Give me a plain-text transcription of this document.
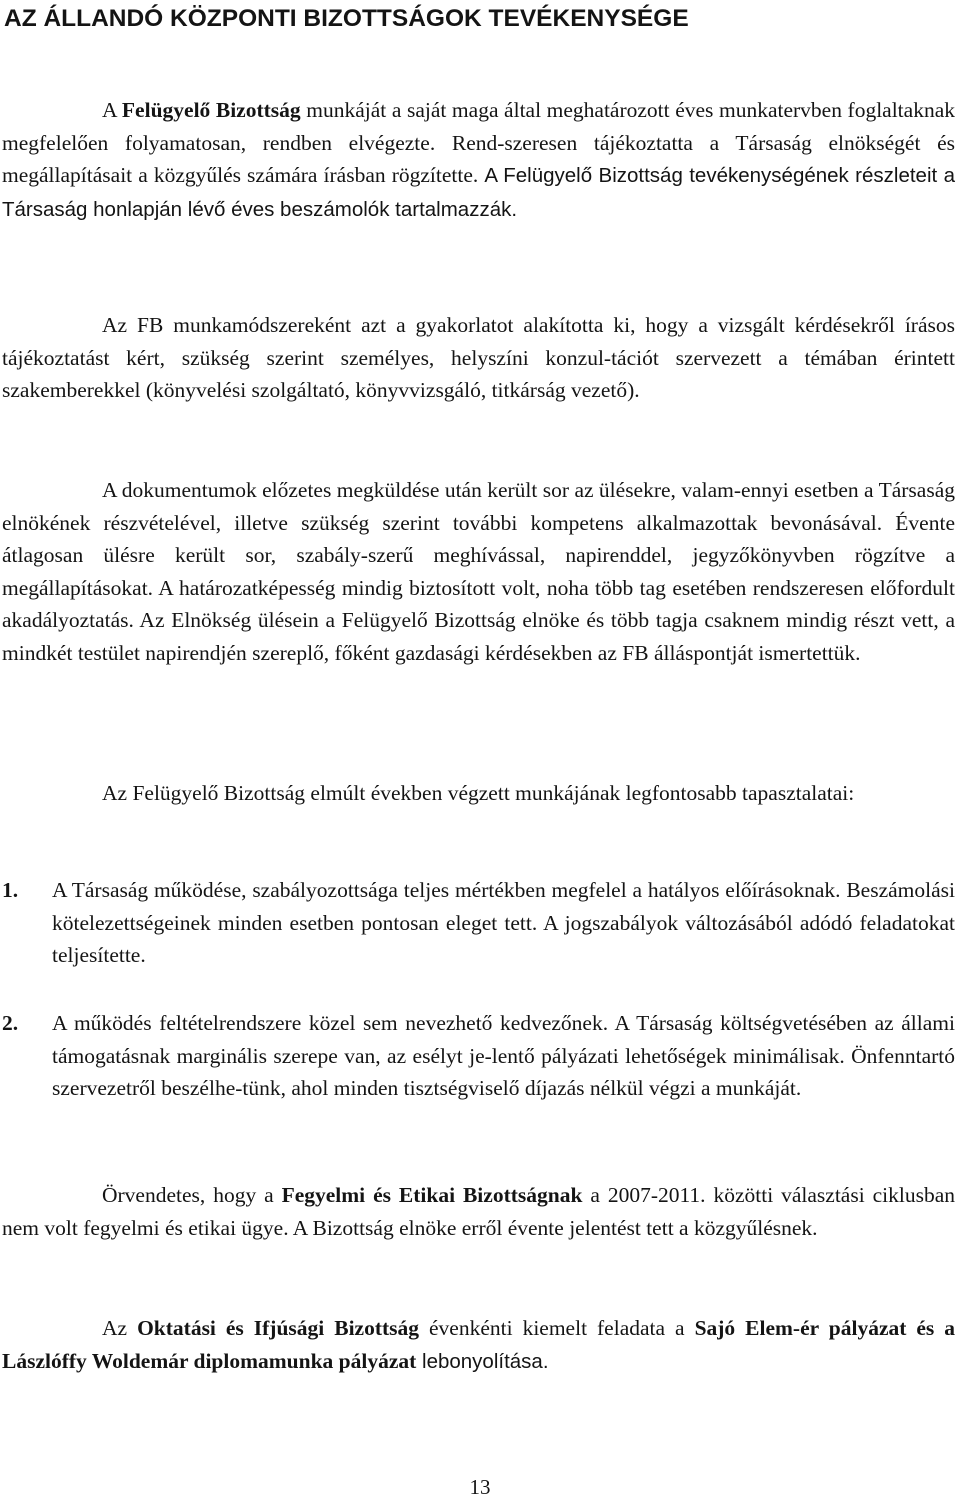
AZ ÁLLANDÓ KÖZPONTI BIZOTTSÁGOK TEVÉKENYSÉGE

A Felügyelő Bizottság munkáját a saját maga által meghatározott éves munkatervben foglaltaknak megfelelően folyamatosan, rendben elvégezte. Rend-szeresen tájékoztatta a Társaság elnökségét és megállapításait a közgyűlés számára írásban rögzítette. A Felügyelő Bizottság tevékenységének részleteit a Társaság honlapján lévő éves beszámolók tartalmazzák.

Az FB munkamódszereként azt a gyakorlatot alakította ki, hogy a vizsgált kérdésekről írásos tájékoztatást kért, szükség szerint személyes, helyszíni konzul-tációt szervezett a témában érintett szakemberekkel (könyvelési szolgáltató, könyvvizsgáló, titkárság vezető).

A dokumentumok előzetes megküldése után került sor az ülésekre, valam-ennyi esetben a Társaság elnökének részvételével, illetve szükség szerint további kompetens alkalmazottak bevonásával. Évente átlagosan ülésre került sor, szabály-szerű meghívással, napirenddel, jegyzőkönyvben rögzítve a megállapításokat. A határozatképesség mindig biztosított volt, noha több tag esetében rendszeresen előfordult akadályoztatás. Az Elnökség ülésein a Felügyelő Bizottság elnöke és több tagja csaknem mindig részt vett, a mindkét testület napirendjén szereplő, főként gazdasági kérdésekben az FB álláspontját ismertettük.

Az Felügyelő Bizottság elmúlt években végzett munkájának legfontosabb tapasztalatai:

1. A Társaság működése, szabályozottsága teljes mértékben megfelel a hatályos előírásoknak. Beszámolási kötelezettségeinek minden esetben pontosan eleget tett. A jogszabályok változásából adódó feladatokat teljesítette.

2. A működés feltételrendszere közel sem nevezhető kedvezőnek. A Társaság költségvetésében az állami támogatásnak marginális szerepe van, az esélyt je-lentő pályázati lehetőségek minimálisak. Önfenntartó szervezetről beszélhe-tünk, ahol minden tisztségviselő díjazás nélkül végzi a munkáját.

Örvendetes, hogy a Fegyelmi és Etikai Bizottságnak a 2007-2011. közötti választási ciklusban nem volt fegyelmi és etikai ügye. A Bizottság elnöke erről évente jelentést tett a közgyűlésnek.

Az Oktatási és Ifjúsági Bizottság évenkénti kiemelt feladata a Sajó Elem-ér pályázat és a Lászlóffy Woldemár diplomamunka pályázat lebonyolítása.

13
